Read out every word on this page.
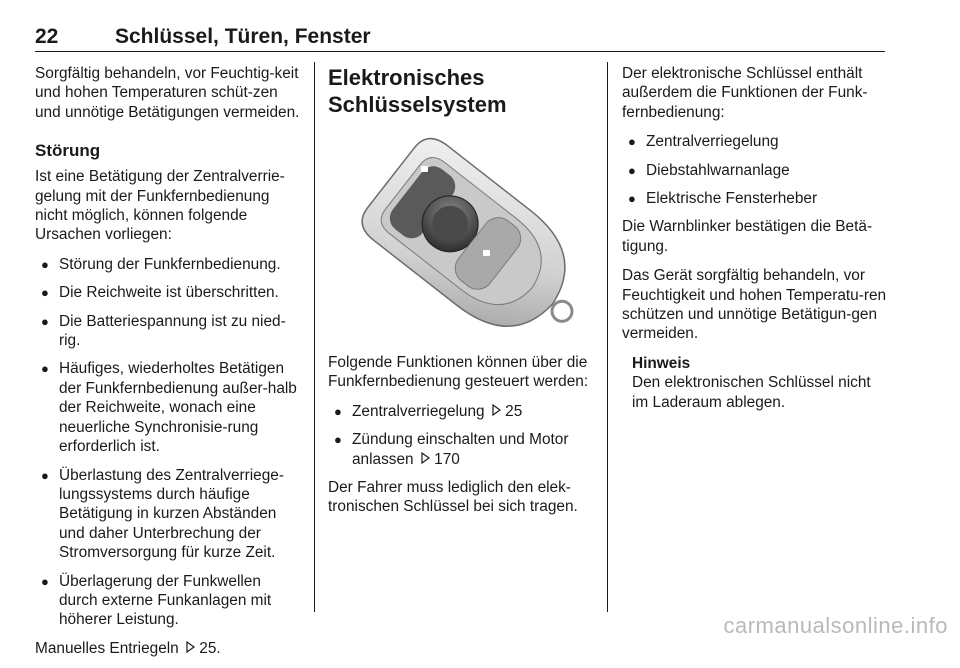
22	Schlüssel, Türen, Fenster

Sorgfältig behandeln, vor Feuchtig-keit und hohen Temperaturen schüt-zen und unnötige Betätigungen vermeiden.

Störung

Ist eine Betätigung der Zentralverrie-gelung mit der Funkfernbedienung nicht möglich, können folgende Ursachen vorliegen:

● Störung der Funkfernbedienung.
● Die Reichweite ist überschritten.
● Die Batteriespannung ist zu nied-rig.
● Häufiges, wiederholtes Betätigen der Funkfernbedienung außer-halb der Reichweite, wonach eine neuerliche Synchronisie-rung erforderlich ist.
● Überlastung des Zentralverriege-lungssystems durch häufige Betätigung in kurzen Abständen und daher Unterbrechung der Stromversorgung für kurze Zeit.
● Überlagerung der Funkwellen durch externe Funkanlagen mit höherer Leistung.

Manuelles Entriegeln 25.

Elektronisches Schlüsselsystem

Folgende Funktionen können über die Funkfernbedienung gesteuert werden:

● Zentralverriegelung 25
● Zündung einschalten und Motor anlassen 170

Der Fahrer muss lediglich den elek-tronischen Schlüssel bei sich tragen.

Der elektronische Schlüssel enthält außerdem die Funktionen der Funk-fernbedienung:

● Zentralverriegelung
● Diebstahlwarnanlage
● Elektrische Fensterheber

Die Warnblinker bestätigen die Betä-tigung.

Das Gerät sorgfältig behandeln, vor Feuchtigkeit und hohen Temperatu-ren schützen und unnötige Betätigun-gen vermeiden.

Hinweis
Den elektronischen Schlüssel nicht im Laderaum ablegen.
carmanualsonline.info
